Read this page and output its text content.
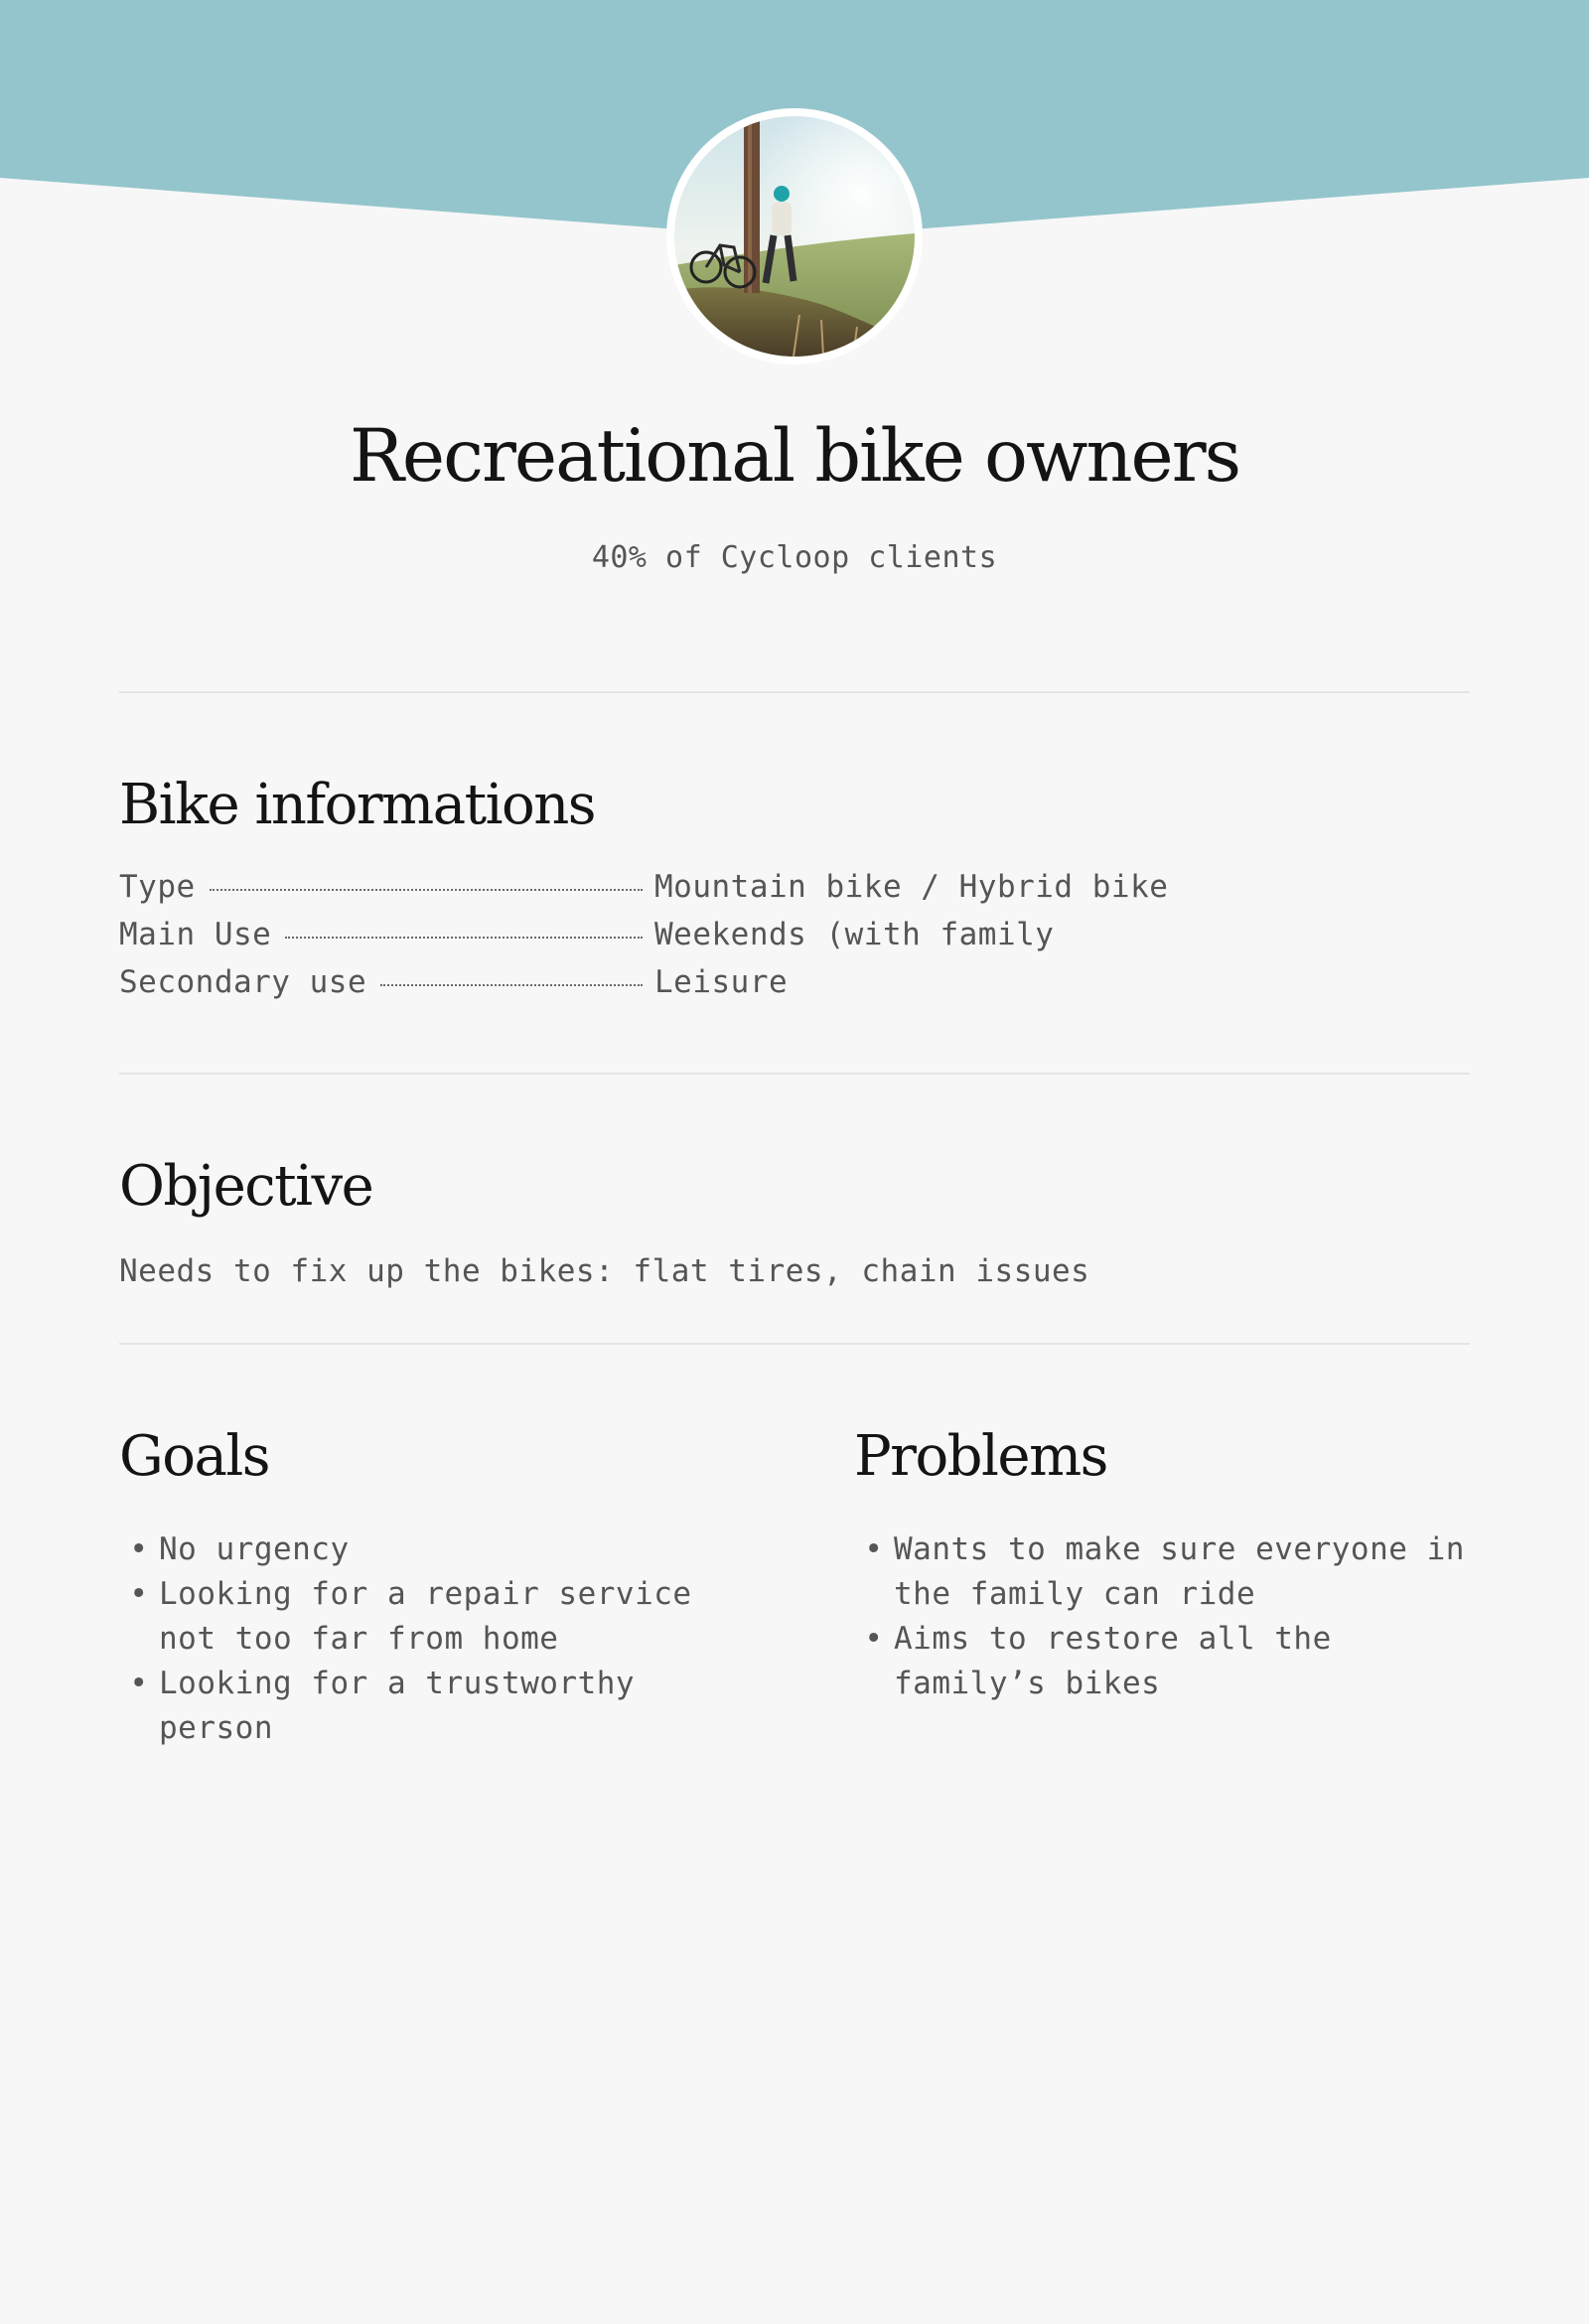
Recreational bike owners

40% of Cycloop clients

Bike informations
Type	Mountain bike / Hybrid bike
Main Use	Weekends (with family
Secondary use	Leisure
Objective

Needs to fix up the bikes: flat tires, chain issues

Goals
• No urgency
• Looking for a repair service
not too far from home
• Looking for a trustworthy
person
Problems
• Wants to make sure everyone in
the family can ride
• Aims to restore all the
family’s bikes
